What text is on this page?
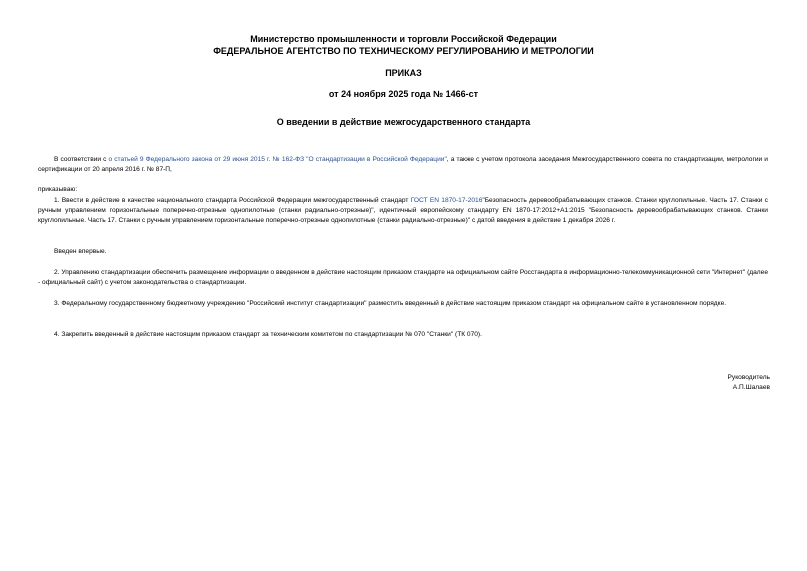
Министерство промышленности и торговли Российской Федерации
ФЕДЕРАЛЬНОЕ АГЕНТСТВО ПО ТЕХНИЧЕСКОМУ РЕГУЛИРОВАНИЮ И МЕТРОЛОГИИ
ПРИКАЗ
от 24 ноября 2025 года № 1466-ст
О введении в действие межгосударственного стандарта
В соответствии с о статьей 9 Федерального закона от 29 июня 2015 г. № 162-ФЗ "О стандартизации в Российской Федерации", а также с учетом протокола заседания Межгосударственного совета по стандартизации, метрологии и сертификации от 20 апреля 2016 г. № 87-П,
приказываю:
1. Ввести в действие в качестве национального стандарта Российской Федерации межгосударственный стандарт ГОСТ EN 1870-17-2016"Безопасность деревообрабатывающих станков. Станки круглопильные. Часть 17. Станки с ручным управлением горизонтальные поперечно-отрезные однопилотные (станки радиально-отрезные)", идентичный европейскому стандарту EN 1870-17:2012+A1:2015 "Безопасность деревообрабатывающих станков. Станки круглопильные. Часть 17. Станки с ручным управлением горизонтальные поперечно-отрезные однопилотные (станки радиально-отрезные)" с датой введения в действие 1 декабря 2026 г.
Введен впервые.
2. Управлению стандартизации обеспечить размещение информации о введенном в действие настоящим приказом стандарте на официальном сайте Росстандарта в информационно-телекоммуникационной сети "Интернет" (далее - официальный сайт) с учетом законодательства о стандартизации.
3. Федеральному государственному бюджетному учреждению "Российский институт стандартизации" разместить введенный в действие настоящим приказом стандарт на официальном сайте в установленном порядке.
4. Закрепить введенный в действие настоящим приказом стандарт за техническим комитетом по стандартизации № 070 "Станки" (ТК 070).
Руководитель
А.П.Шалаев
